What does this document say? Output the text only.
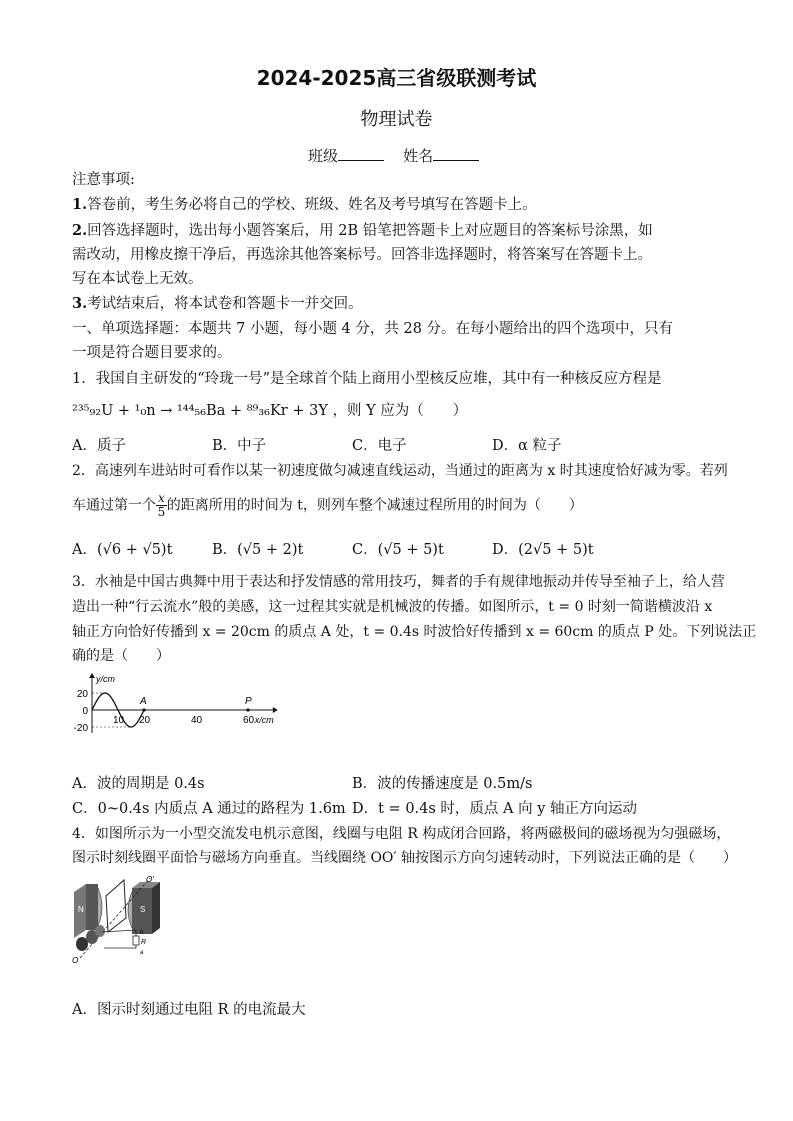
2024-2025高三省级联测考试
物理试卷
班级	姓名
注意事项:
1.答卷前，考生务必将自己的学校、班级、姓名及考号填写在答题卡上。
2.回答选择题时，选出每小题答案后，用 2B 铅笔把答题卡上对应题目的答案标号涂黑，如
需改动，用橡皮擦干净后，再选涂其他答案标号。回答非选择题时，将答案写在答题卡上。
写在本试卷上无效。
3.考试结束后，将本试卷和答题卡一并交回。
一、单项选择题：本题共 7 小题，每小题 4 分，共 28 分。在每小题给出的四个选项中，只有
一项是符合题目要求的。
1．我国自主研发的“玲珑一号”是全球首个陆上商用小型核反应堆，其中有一种核反应方程是
²³⁵₉₂U + ¹₀n → ¹⁴⁴₅₆Ba + ⁸⁹₃₆Kr + 3Y ，则 Y 应为（　　）
A．质子	B．中子	C．电子	D．α 粒子
2．高速列车进站时可看作以某一初速度做匀减速直线运动，当通过的距离为 x 时其速度恰好减为零。若列
车通过第一个 $\frac{x}{5}$ 的距离所用的时间为 t，则列车整个减速过程所用的时间为（　　）
A．(√6 + √5)t	B．(√5 + 2)t	C．(√5 + 5)t	D．(2√5 + 5)t
3．水袖是中国古典舞中用于表达和抒发情感的常用技巧，舞者的手有规律地振动并传导至袖子上，给人营
造出一种“行云流水”般的美感，这一过程其实就是机械波的传播。如图所示，t = 0 时刻一简谐横波沿 x
轴正方向恰好传播到 x = 20cm 的质点 A 处，t = 0.4s 时波恰好传播到 x = 60cm 的质点 P 处。下列说法正
确的是（　　）
A	P
10 20	40	60
20
0
-20
y/cm
x/cm
A．波的周期是 0.4s	B．波的传播速度是 0.5m/s
C．0~0.4s 内质点 A 通过的路程为 1.6m D．t = 0.4s 时，质点 A 向 y 轴正方向运动
4．如图所示为一小型交流发电机示意图，线圈与电阻 R 构成闭合回路，将两磁极间的磁场视为匀强磁场，
图示时刻线圈平面恰与磁场方向垂直。当线圈绕 OO′ 轴按图示方向匀速转动时，下列说法正确的是（　　）
N	S
R
b
a
O
O′
A．图示时刻通过电阻 R 的电流最大
